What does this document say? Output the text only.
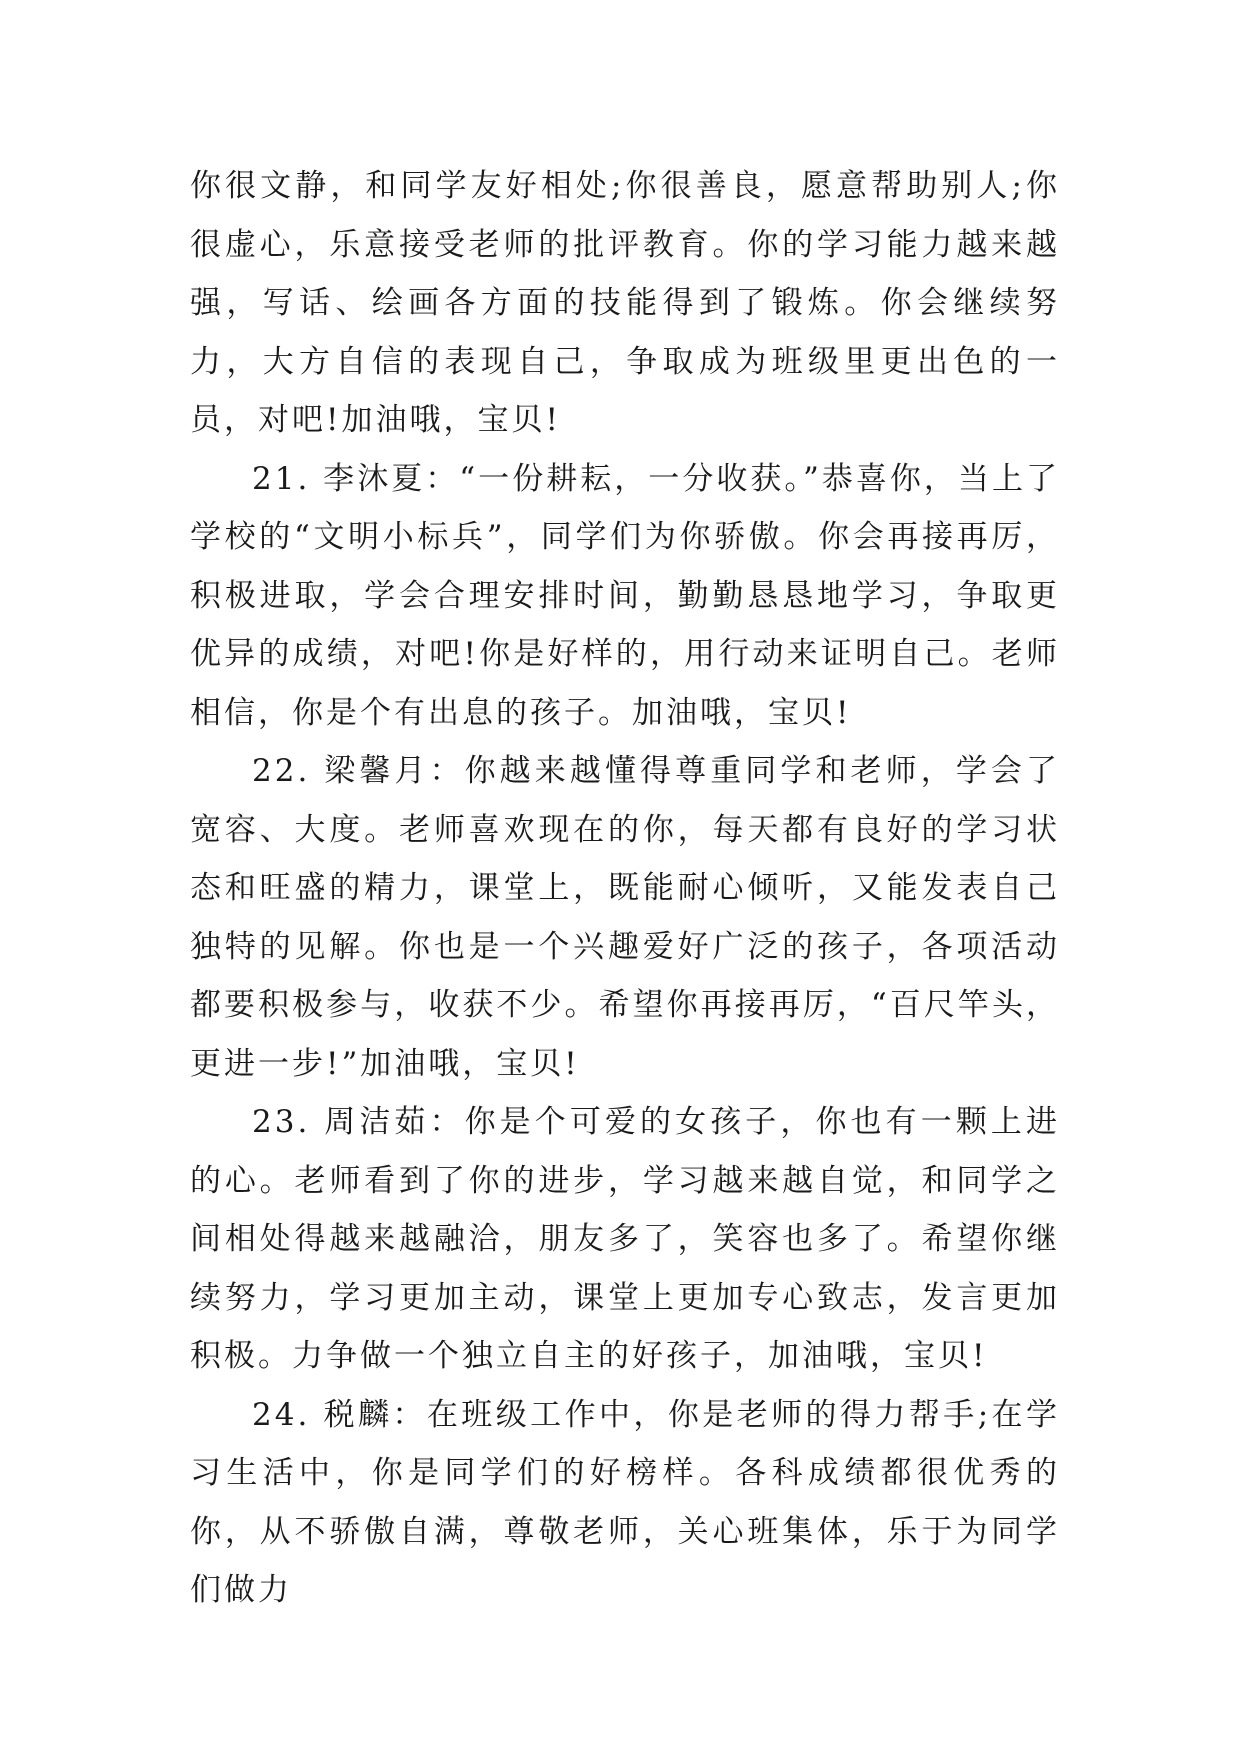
你很文静，和同学友好相处;你很善良，愿意帮助别人;你很虚心，乐意接受老师的批评教育。你的学习能力越来越强，写话、绘画各方面的技能得到了锻炼。你会继续努力，大方自信的表现自己，争取成为班级里更出色的一员，对吧!加油哦，宝贝!

21. 李沐夏：“一份耕耘，一分收获。”恭喜你，当上了学校的“文明小标兵”，同学们为你骄傲。你会再接再厉，积极进取，学会合理安排时间，勤勤恳恳地学习，争取更优异的成绩，对吧!你是好样的，用行动来证明自己。老师相信，你是个有出息的孩子。加油哦，宝贝!

22. 梁馨月：你越来越懂得尊重同学和老师，学会了宽容、大度。老师喜欢现在的你，每天都有良好的学习状态和旺盛的精力，课堂上，既能耐心倾听，又能发表自己独特的见解。你也是一个兴趣爱好广泛的孩子，各项活动都要积极参与，收获不少。希望你再接再厉，“百尺竿头，更进一步!”加油哦，宝贝!

23. 周洁茹：你是个可爱的女孩子，你也有一颗上进的心。老师看到了你的进步，学习越来越自觉，和同学之间相处得越来越融洽，朋友多了，笑容也多了。希望你继续努力，学习更加主动，课堂上更加专心致志，发言更加积极。力争做一个独立自主的好孩子，加油哦，宝贝!

24. 税麟：在班级工作中，你是老师的得力帮手;在学习生活中，你是同学们的好榜样。各科成绩都很优秀的你，从不骄傲自满，尊敬老师，关心班集体，乐于为同学们做力
